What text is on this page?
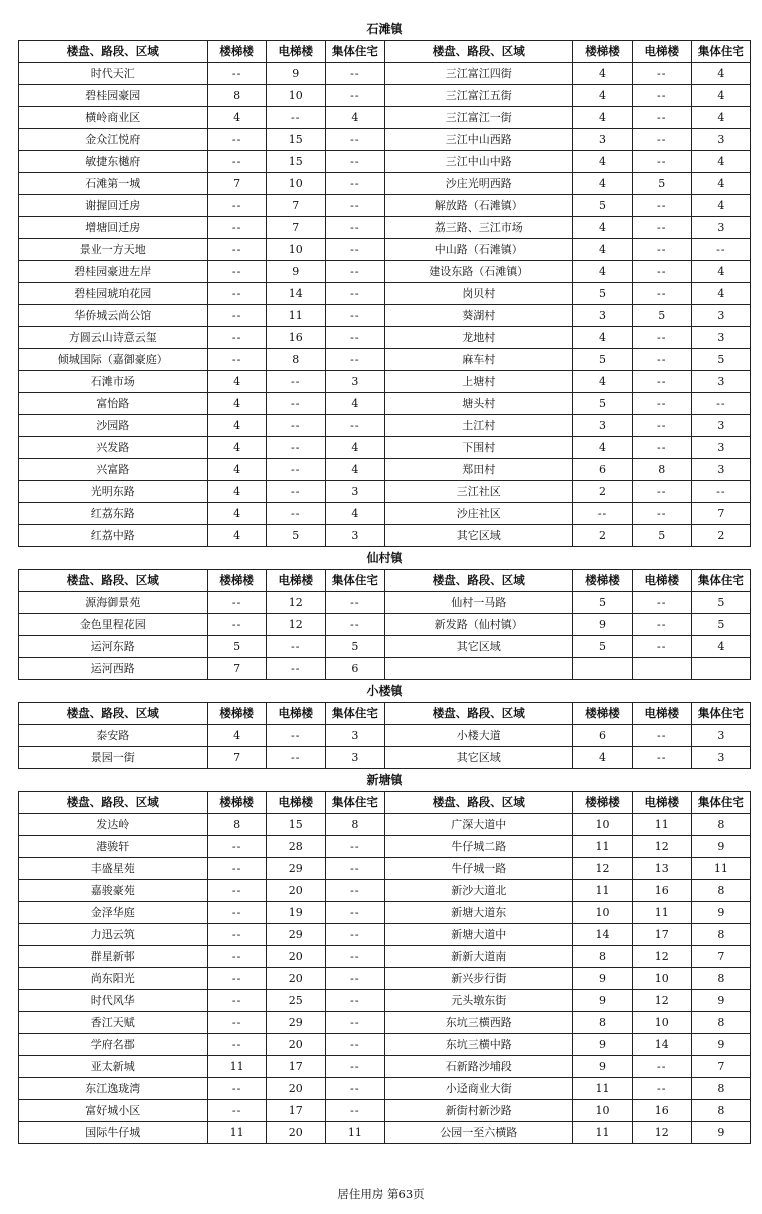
石滩镇
楼盘、路段、区域	楼梯楼	电梯楼	集体住宅	楼盘、路段、区域	楼梯楼	电梯楼	集体住宅
时代天汇	--	9	--	三江富江四街	4	--	4
碧桂园豪园	8	10	--	三江富江五街	4	--	4
横岭商业区	4	--	4	三江富江一街	4	--	4
金众江悦府	--	15	--	三江中山西路	3	--	3
敏捷东樾府	--	15	--	三江中山中路	4	--	4
石滩第一城	7	10	--	沙庄光明西路	4	5	4
谢握回迁房	--	7	--	解放路（石滩镇）	5	--	4
增塘回迁房	--	7	--	荔三路、三江市场	4	--	3
景业一方天地	--	10	--	中山路（石滩镇）	4	--	--
碧桂园豪进左岸	--	9	--	建设东路（石滩镇）	4	--	4
碧桂园琥珀花园	--	14	--	岗贝村	5	--	4
华侨城云尚公馆	--	11	--	葵湖村	3	5	3
方圆云山诗意云玺	--	16	--	龙地村	4	--	3
倾城国际（嘉御豪庭）	--	8	--	麻车村	5	--	5
石滩市场	4	--	3	上塘村	4	--	3
富怡路	4	--	4	塘头村	5	--	--
沙园路	4	--	--	土江村	3	--	3
兴发路	4	--	4	下围村	4	--	3
兴富路	4	--	4	郑田村	6	8	3
光明东路	4	--	3	三江社区	2	--	--
红荔东路	4	--	4	沙庄社区	--	--	7
红荔中路	4	5	3	其它区域	2	5	2
仙村镇
楼盘、路段、区域	楼梯楼	电梯楼	集体住宅	楼盘、路段、区域	楼梯楼	电梯楼	集体住宅
源海御景苑	--	12	--	仙村一马路	5	--	5
金色里程花园	--	12	--	新发路（仙村镇）	9	--	5
运河东路	5	--	5	其它区域	5	--	4
运河西路	7	--	6				
小楼镇
楼盘、路段、区域	楼梯楼	电梯楼	集体住宅	楼盘、路段、区域	楼梯楼	电梯楼	集体住宅
泰安路	4	--	3	小楼大道	6	--	3
景园一街	7	--	3	其它区域	4	--	3
新塘镇
楼盘、路段、区域	楼梯楼	电梯楼	集体住宅	楼盘、路段、区域	楼梯楼	电梯楼	集体住宅
发达岭	8	15	8	广深大道中	10	11	8
港骏轩	--	28	--	牛仔城二路	11	12	9
丰盛星苑	--	29	--	牛仔城一路	12	13	11
嘉骏豪苑	--	20	--	新沙大道北	11	16	8
金泽华庭	--	19	--	新塘大道东	10	11	9
力迅云筑	--	29	--	新塘大道中	14	17	8
群星新邨	--	20	--	新新大道南	8	12	7
尚东阳光	--	20	--	新兴步行街	9	10	8
时代风华	--	25	--	元头墩东街	9	12	9
香江天赋	--	29	--	东坑三横西路	8	10	8
学府名郡	--	20	--	东坑三横中路	9	14	9
亚太新城	11	17	--	石新路沙埔段	9	--	7
东江逸珑湾	--	20	--	小迳商业大街	11	--	8
富好城小区	--	17	--	新街村新沙路	10	16	8
国际牛仔城	11	20	11	公园一至六横路	11	12	9
居住用房 第63页
